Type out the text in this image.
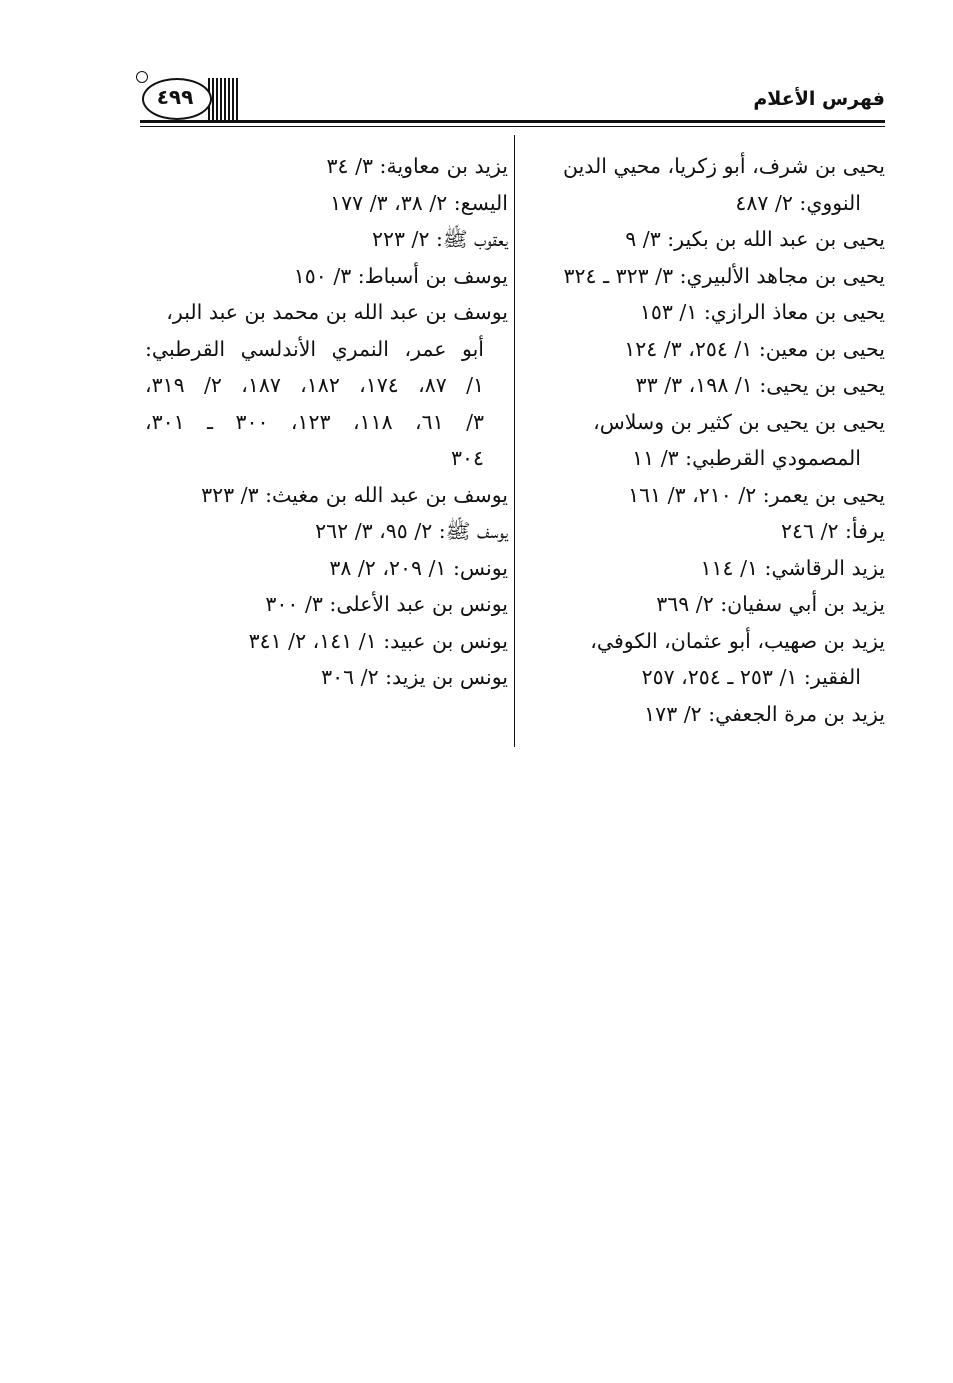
٤٩٩	فهرس الأعلام
يحيى بن شرف، أبو زكريا، محيي الدين
النووي: ٢/ ٤٨٧
يحيى بن عبد الله بن بكير: ٣/ ٩
يحيى بن مجاهد الألبيري: ٣/ ٣٢٣ ـ ٣٢٤
يحيى بن معاذ الرازي: ١/ ١٥٣
يحيى بن معين: ١/ ٢٥٤، ٣/ ١٢٤
يحيى بن يحيى: ١/ ١٩٨، ٣/ ٣٣
يحيى بن يحيى بن كثير بن وسلاس،
المصمودي القرطبي: ٣/ ١١
يحيى بن يعمر: ٢/ ٢١٠، ٣/ ١٦١
يرفأ: ٢/ ٢٤٦
يزيد الرقاشي: ١/ ١١٤
يزيد بن أبي سفيان: ٢/ ٣٦٩
يزيد بن صهيب، أبو عثمان، الكوفي،
الفقير: ١/ ٢٥٣ ـ ٢٥٤، ٢٥٧
يزيد بن مرة الجعفي: ٢/ ١٧٣
يزيد بن معاوية: ٣/ ٣٤
اليسع: ٢/ ٣٨، ٣/ ١٧٧
يعقوب ﷺ: ٢/ ٢٢٣
يوسف بن أسباط: ٣/ ١٥٠
يوسف بن عبد الله بن محمد بن عبد البر،
أبو عمر، النمري الأندلسي القرطبي:
١/ ٨٧، ١٧٤، ١٨٢، ١٨٧، ٢/ ٣١٩،
٣/ ٦١، ١١٨، ١٢٣، ٣٠٠ ـ ٣٠١،
٣٠٤
يوسف بن عبد الله بن مغيث: ٣/ ٣٢٣
يوسف ﷺ: ٢/ ٩٥، ٣/ ٢٦٢
يونس: ١/ ٢٠٩، ٢/ ٣٨
يونس بن عبد الأعلى: ٣/ ٣٠٠
يونس بن عبيد: ١/ ١٤١، ٢/ ٣٤١
يونس بن يزيد: ٢/ ٣٠٦
